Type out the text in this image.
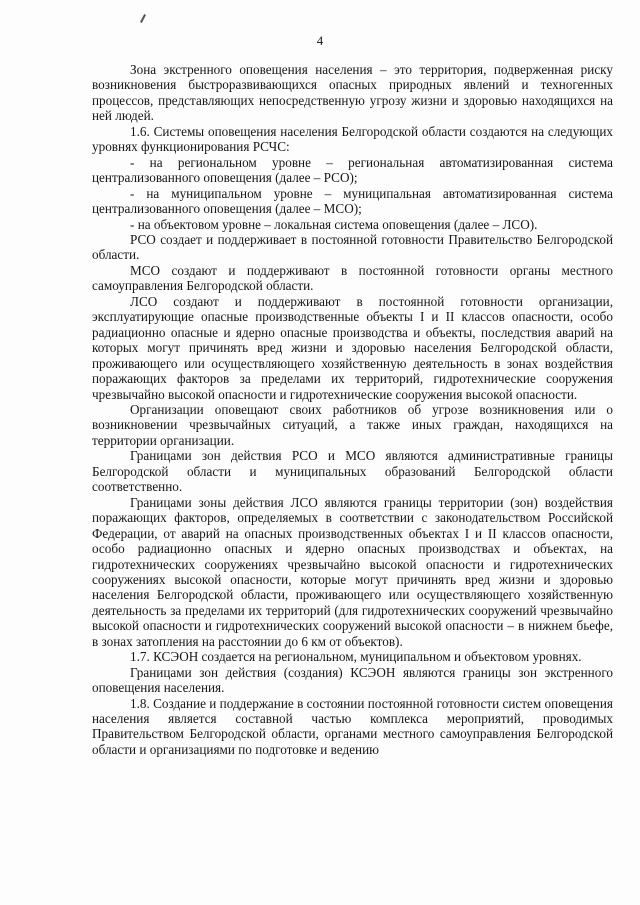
4

Зона экстренного оповещения населения – это территория, подверженная риску возникновения быстроразвивающихся опасных природных явлений и техногенных процессов, представляющих непосредственную угрозу жизни и здоровью находящихся на ней людей.

1.6. Системы оповещения населения Белгородской области создаются на следующих уровнях функционирования РСЧС:

- на региональном уровне – региональная автоматизированная система централизованного оповещения (далее – РСО);

- на муниципальном уровне – муниципальная автоматизированная система централизованного оповещения (далее – МСО);

- на объектовом уровне – локальная система оповещения (далее – ЛСО).

РСО создает и поддерживает в постоянной готовности Правительство Белгородской области.

МСО создают и поддерживают в постоянной готовности органы местного самоуправления Белгородской области.

ЛСО создают и поддерживают в постоянной готовности организации, эксплуатирующие опасные производственные объекты I и II классов опасности, особо радиационно опасные и ядерно опасные производства и объекты, последствия аварий на которых могут причинять вред жизни и здоровью населения Белгородской области, проживающего или осуществляющего хозяйственную деятельность в зонах воздействия поражающих факторов за пределами их территорий, гидротехнические сооружения чрезвычайно высокой опасности и гидротехнические сооружения высокой опасности.

Организации оповещают своих работников об угрозе возникновения или о возникновении чрезвычайных ситуаций, а также иных граждан, находящихся на территории организации.

Границами зон действия РСО и МСО являются административные границы Белгородской области и муниципальных образований Белгородской области соответственно.

Границами зоны действия ЛСО являются границы территории (зон) воздействия поражающих факторов, определяемых в соответствии с законодательством Российской Федерации, от аварий на опасных производственных объектах I и II классов опасности, особо радиационно опасных и ядерно опасных производствах и объектах, на гидротехнических сооружениях чрезвычайно высокой опасности и гидротехнических сооружениях высокой опасности, которые могут причинять вред жизни и здоровью населения Белгородской области, проживающего или осуществляющего хозяйственную деятельность за пределами их территорий (для гидротехнических сооружений чрезвычайно высокой опасности и гидротехнических сооружений высокой опасности – в нижнем бьефе, в зонах затопления на расстоянии до 6 км от объектов).

1.7. КСЭОН создается на региональном, муниципальном и объектовом уровнях.

Границами зон действия (создания) КСЭОН являются границы зон экстренного оповещения населения.

1.8. Создание и поддержание в состоянии постоянной готовности систем оповещения населения является составной частью комплекса мероприятий, проводимых Правительством Белгородской области, органами местного самоуправления Белгородской области и организациями по подготовке и ведению
